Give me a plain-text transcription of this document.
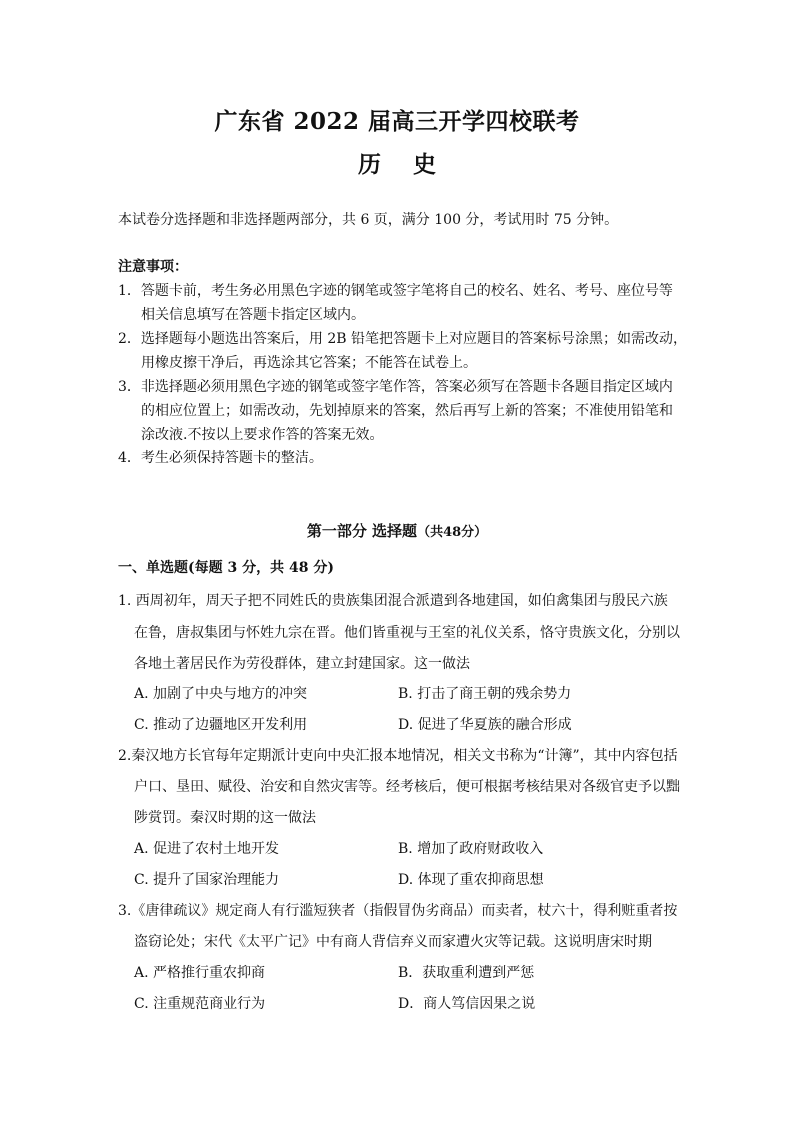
广东省 2022 届高三开学四校联考
历 史
本试卷分选择题和非选择题两部分，共 6 页，满分 100 分，考试用时 75 分钟。
注意事项：
1．答题卡前，考生务必用黑色字迹的钢笔或签字笔将自己的校名、姓名、考号、座位号等
相关信息填写在答题卡指定区域内。
2．选择题每小题选出答案后，用 2B 铅笔把答题卡上对应题目的答案标号涂黑；如需改动，
用橡皮擦干净后，再选涂其它答案；不能答在试卷上。
3．非选择题必须用黑色字迹的钢笔或签字笔作答，答案必须写在答题卡各题目指定区域内
的相应位置上；如需改动，先划掉原来的答案，然后再写上新的答案；不准使用铅笔和
涂改液.不按以上要求作答的答案无效。
4．考生必须保持答题卡的整洁。
第一部分 选择题（共48分）
一、单选题(每题 3 分，共 48 分)
1. 西周初年，周天子把不同姓氏的贵族集团混合派遣到各地建国，如伯禽集团与殷民六族
在鲁，唐叔集团与怀姓九宗在晋。他们皆重视与王室的礼仪关系，恪守贵族文化，分别以
各地土著居民作为劳役群体，建立封建国家。这一做法
A. 加剧了中央与地方的冲突	B. 打击了商王朝的残余势力
C. 推动了边疆地区开发利用	D. 促进了华夏族的融合形成
2.秦汉地方长官每年定期派计吏向中央汇报本地情况，相关文书称为“计簿”，其中内容包括
户口、垦田、赋役、治安和自然灾害等。经考核后，便可根据考核结果对各级官吏予以黜
陟赏罚。秦汉时期的这一做法
A. 促进了农村土地开发	B. 增加了政府财政收入
C. 提升了国家治理能力	D. 体现了重农抑商思想
3.《唐律疏议》规定商人有行滥短狭者（指假冒伪劣商品）而卖者，杖六十，得利赃重者按
盗窃论处；宋代《太平广记》中有商人背信弃义而家遭火灾等记载。这说明唐宋时期
A. 严格推行重农抑商	B．获取重利遭到严惩
C. 注重规范商业行为	D．商人笃信因果之说
